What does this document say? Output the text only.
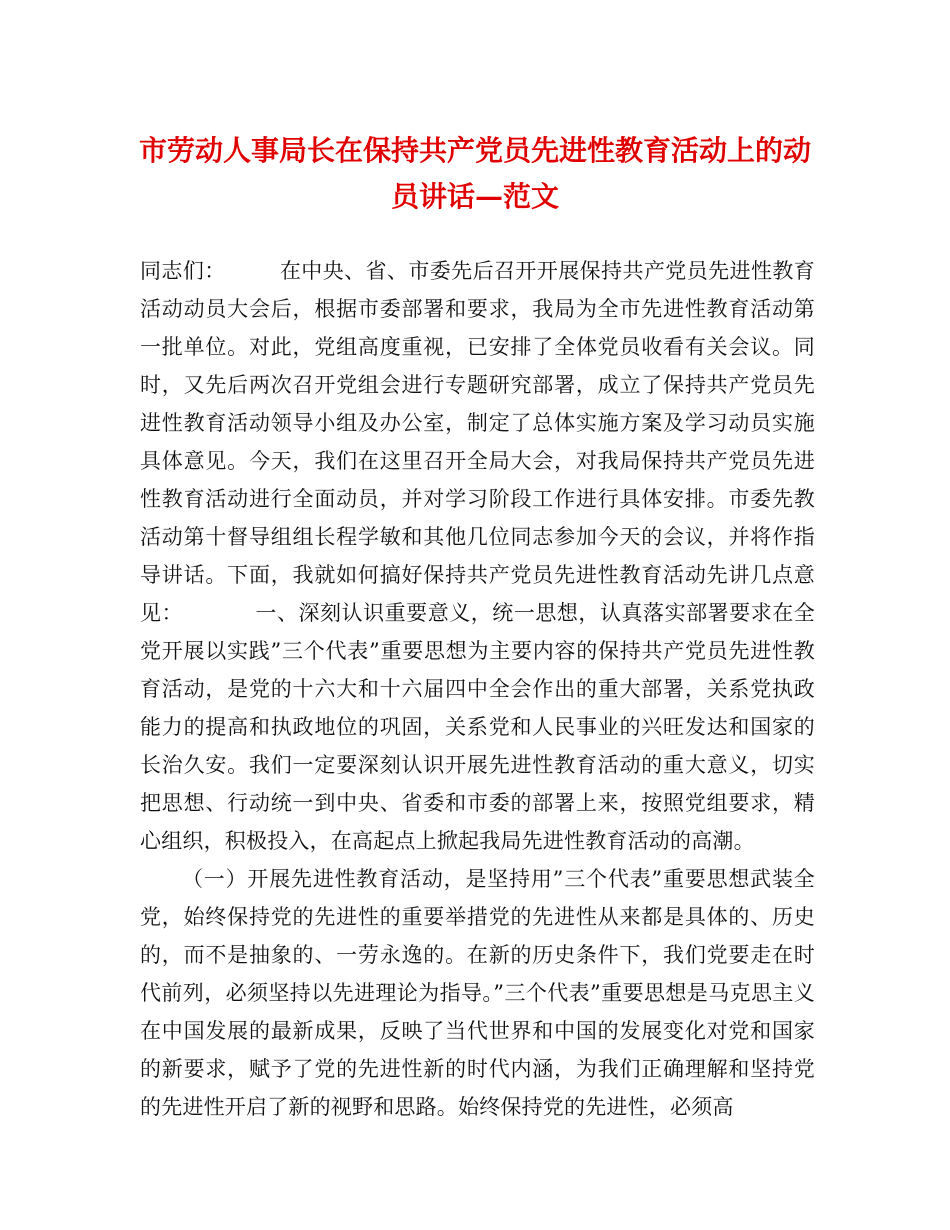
市劳动人事局长在保持共产党员先进性教育活动上的动员讲话—范文

同志们：	在中央、省、市委先后召开开展保持共产党员先进性教育活动动员大会后，根据市委部署和要求，我局为全市先进性教育活动第一批单位。对此，党组高度重视，已安排了全体党员收看有关会议。同时，又先后两次召开党组会进行专题研究部署，成立了保持共产党员先进性教育活动领导小组及办公室，制定了总体实施方案及学习动员实施具体意见。今天，我们在这里召开全局大会，对我局保持共产党员先进性教育活动进行全面动员，并对学习阶段工作进行具体安排。市委先教活动第十督导组组长程学敏和其他几位同志参加今天的会议，并将作指导讲话。下面，我就如何搞好保持共产党员先进性教育活动先讲几点意见：	一、深刻认识重要意义，统一思想，认真落实部署要求在全党开展以实践”三个代表”重要思想为主要内容的保持共产党员先进性教育活动，是党的十六大和十六届四中全会作出的重大部署，关系党执政能力的提高和执政地位的巩固，关系党和人民事业的兴旺发达和国家的长治久安。我们一定要深刻认识开展先进性教育活动的重大意义，切实把思想、行动统一到中央、省委和市委的部署上来，按照党组要求，精心组织，积极投入，在高起点上掀起我局先进性教育活动的高潮。

（一）开展先进性教育活动，是坚持用”三个代表”重要思想武装全党，始终保持党的先进性的重要举措党的先进性从来都是具体的、历史的，而不是抽象的、一劳永逸的。在新的历史条件下，我们党要走在时代前列，必须坚持以先进理论为指导。”三个代表”重要思想是马克思主义在中国发展的最新成果，反映了当代世界和中国的发展变化对党和国家的新要求，赋予了党的先进性新的时代内涵，为我们正确理解和坚持党的先进性开启了新的视野和思路。始终保持党的先进性，必须高
